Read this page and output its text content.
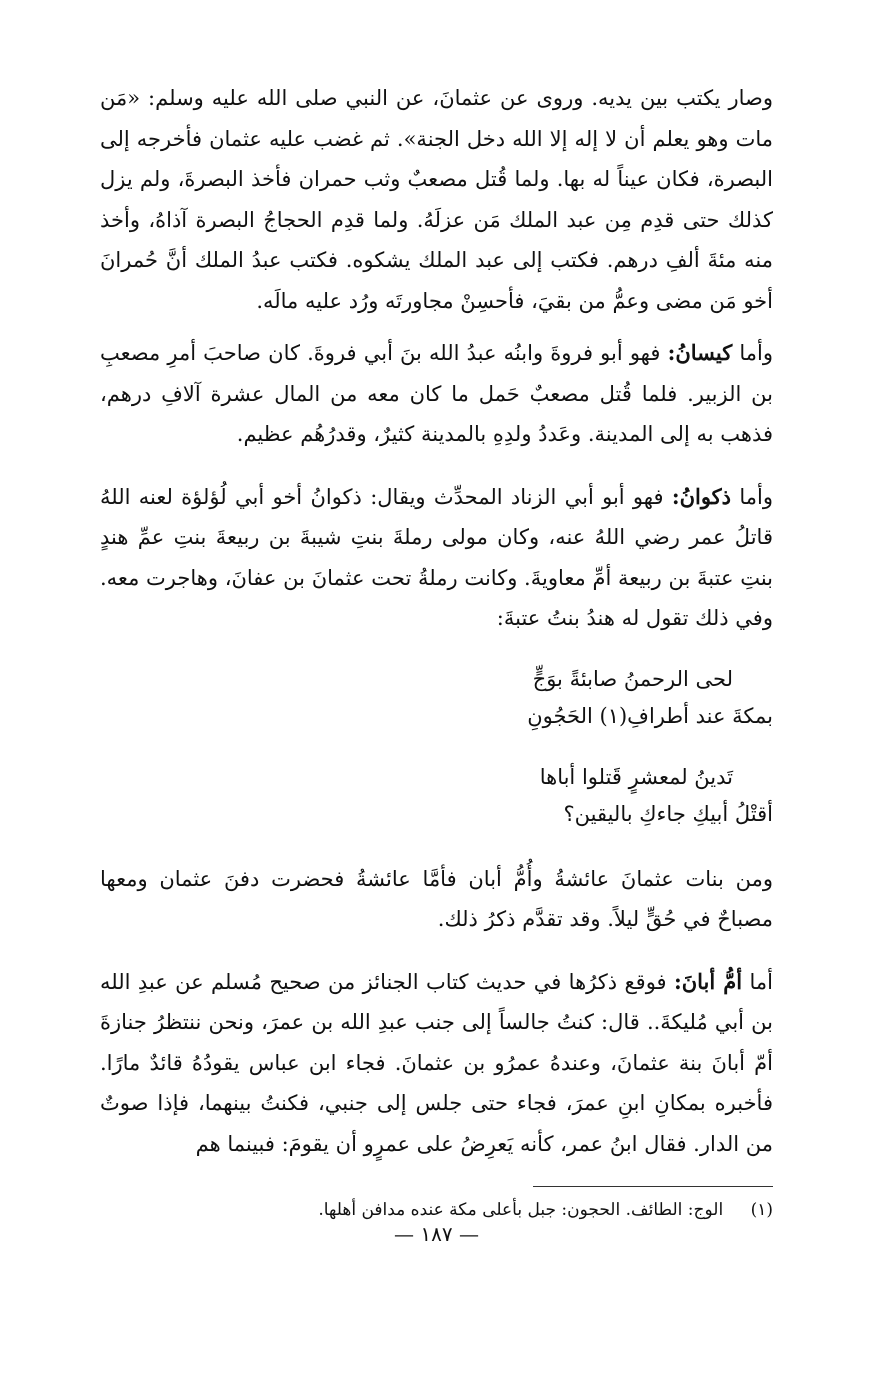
وصار يكتب بين يديه. وروى عن عثمانَ، عن النبي صلى الله عليه وسلم: «مَن مات وهو يعلم أن لا إله إلا الله دخل الجنة». ثم غضب عليه عثمان فأخرجه إلى البصرة، فكان عيناً له بها. ولما قُتل مصعبٌ وثب حمران فأخذ البصرةَ، ولم يزل كذلك حتى قدِم مِن عبد الملك مَن عزلَهُ. ولما قدِم الحجاجُ البصرة آذاهُ، وأخذ منه مئةَ ألفِ درهم. فكتب إلى عبد الملك يشكوه. فكتب عبدُ الملك أنَّ حُمرانَ أخو مَن مضى وعمُّ من بقيَ، فأحسِنْ مجاورتَه ورُد عليه مالَه.

وأما كيسانُ: فهو أبو فروةَ وابنُه عبدُ الله بنَ أبي فروةَ. كان صاحبَ أمرِ مصعبِ بن الزبير. فلما قُتل مصعبٌ حَمل ما كان معه من المال عشرة آلافِ درهم، فذهب به إلى المدينة. وعَددُ ولدِهِ بالمدينة كثيرٌ، وقدرُهُم عظيم.

وأما ذكوانُ: فهو أبو أبي الزناد المحدِّث ويقال: ذكوانُ أخو أبي لُؤلؤة لعنه اللهُ قاتلُ عمر رضي اللهُ عنه، وكان مولى رملةَ بنتِ شيبةَ بن ربيعةَ بنتِ عمِّ هندٍ بنتِ عتبةَ بن ربيعة أمِّ معاويةَ. وكانت رملةُ تحت عثمانَ بن عفانَ، وهاجرت معه. وفي ذلك تقول له هندُ بنتُ عتبةَ:

لحى الرحمنُ صابئةً بوَجٍّ
بمكةَ عند أطرافِ(١) الحَجُونِ
تَدينُ لمعشرٍ قَتلوا أباها
أقتْلُ أبيكِ جاءكِ باليقين؟

ومن بنات عثمانَ عائشةُ وأُمُّ أبان فأمَّا عائشةُ فحضرت دفنَ عثمان ومعها مصباحٌ في حُقٍّ ليلاً. وقد تقدَّم ذكرُ ذلك.

أما أمُّ أبانَ: فوقع ذكرُها في حديث كتاب الجنائز من صحيح مُسلم عن عبدِ الله بن أبي مُليكةَ.. قال: كنتُ جالساً إلى جنب عبدِ الله بن عمرَ، ونحن ننتظرُ جنازةَ أمّ أبانَ بنة عثمانَ، وعندهُ عمرُو بن عثمانَ. فجاء ابن عباس يقودُهُ قائدٌ مارًا. فأخبره بمكانِ ابنِ عمرَ، فجاء حتى جلس إلى جنبي، فكنتُ بينهما، فإذا صوتٌ من الدار. فقال ابنُ عمر، كأنه يَعرِضُ على عمرٍو أن يقومَ: فبينما هم

(١) الوج: الطائف. الحجون: جبل بأعلى مكة عنده مدافن أهلها.
— ١٨٧ —
